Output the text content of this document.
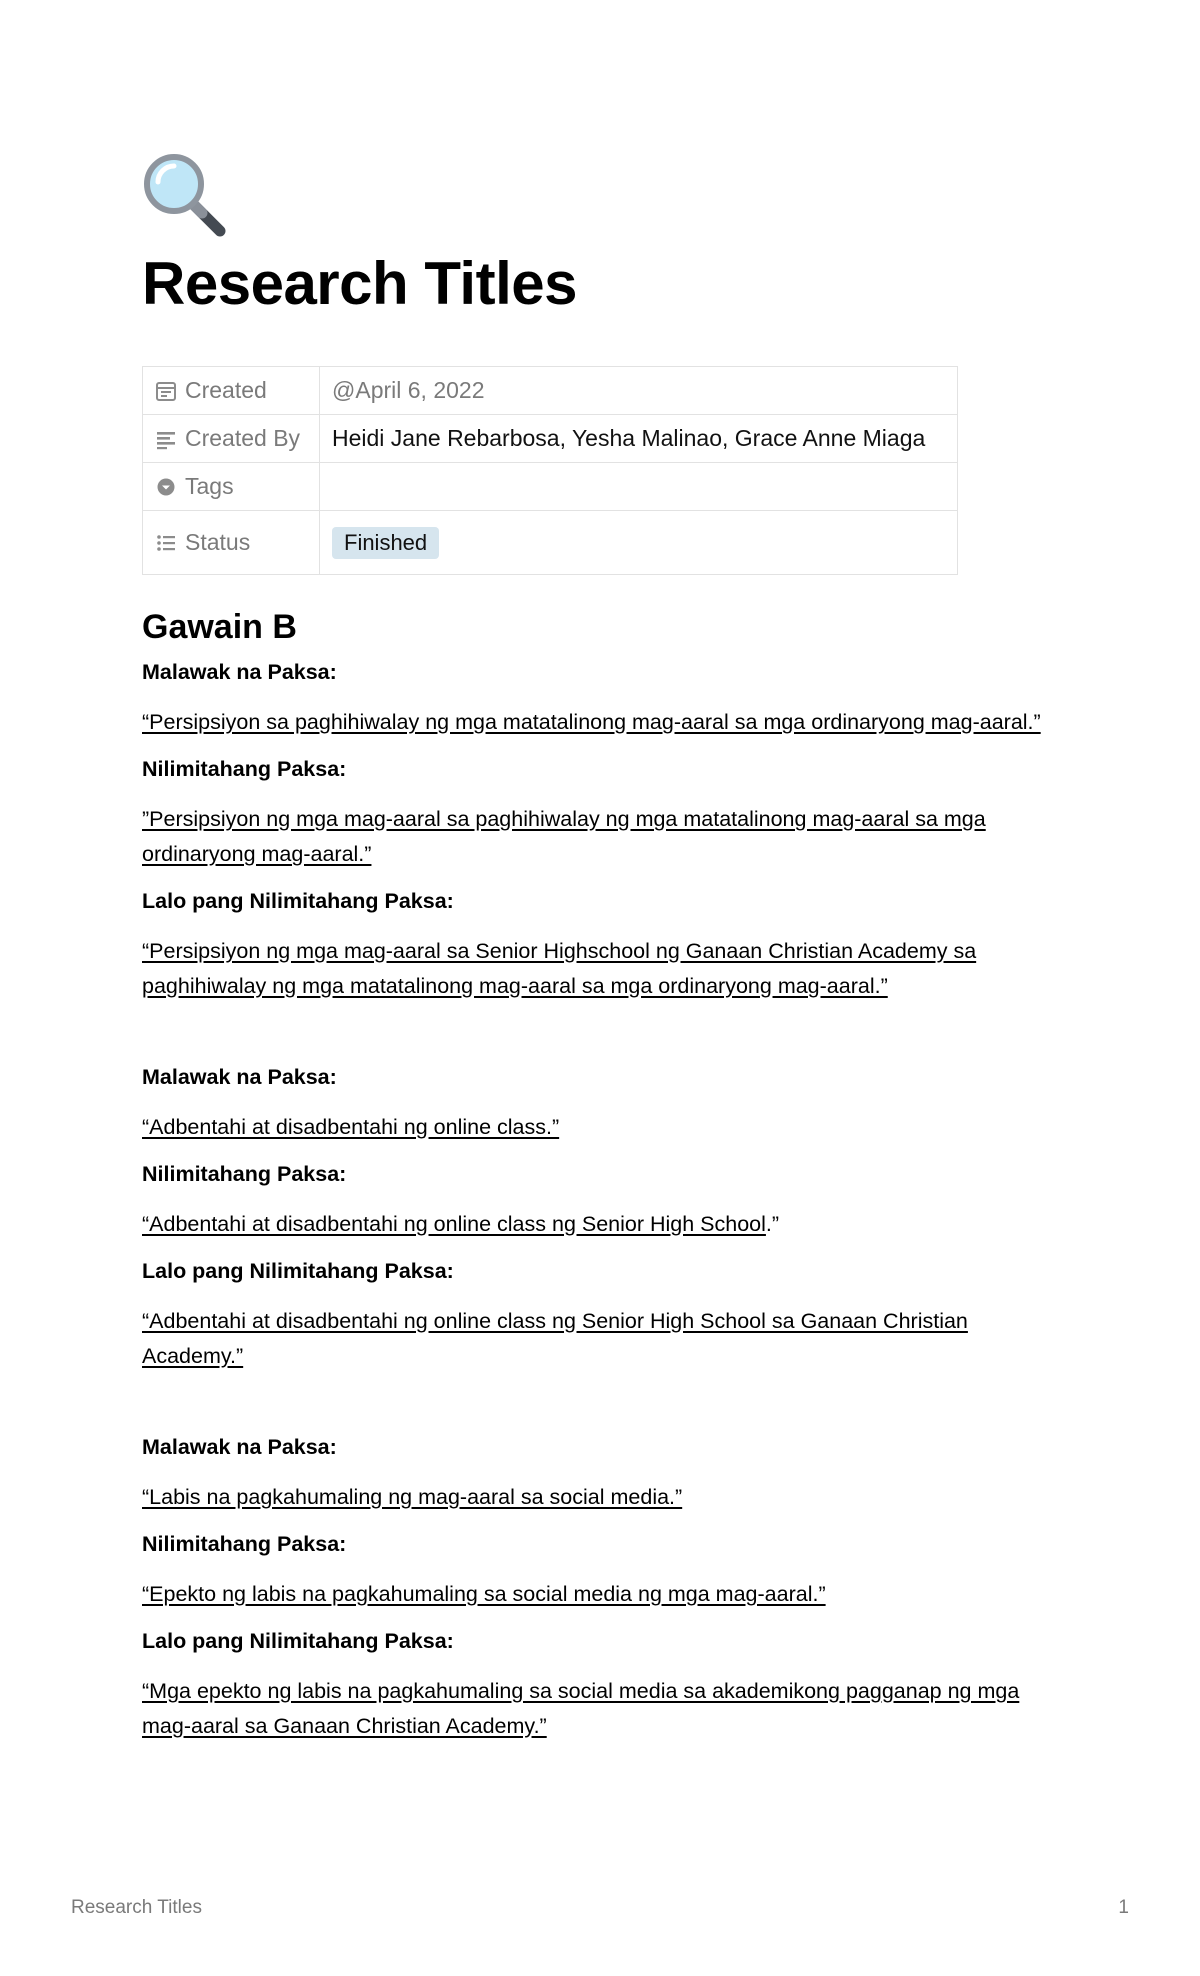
Research Titles
Created	@April 6, 2022
Created By	Heidi Jane Rebarbosa, Yesha Malinao, Grace Anne Miaga
Tags	
Status	Finished
Gawain B

Malawak na Paksa:

“Persipsiyon sa paghihiwalay ng mga matatalinong mag-aaral sa mga ordinaryong mag-aaral.”

Nilimitahang Paksa:

”Persipsiyon ng mga mag-aaral sa paghihiwalay ng mga matatalinong mag-aaral sa mga ordinaryong mag-aaral.”

Lalo pang Nilimitahang Paksa:

“Persipsiyon ng mga mag-aaral sa Senior Highschool ng Ganaan Christian Academy sa paghihiwalay ng mga matatalinong mag-aaral sa mga ordinaryong mag-aaral.”

Malawak na Paksa:

“Adbentahi at disadbentahi ng online class.”

Nilimitahang Paksa:

“Adbentahi at disadbentahi ng online class ng Senior High School.”

Lalo pang Nilimitahang Paksa:

“Adbentahi at disadbentahi ng online class ng Senior High School sa Ganaan Christian Academy.”

Malawak na Paksa:

“Labis na pagkahumaling ng mag-aaral sa social media.”

Nilimitahang Paksa:

“Epekto ng labis na pagkahumaling sa social media ng mga mag-aaral.”

Lalo pang Nilimitahang Paksa:

“Mga epekto ng labis na pagkahumaling sa social media sa akademikong pagganap ng mga mag-aaral sa Ganaan Christian Academy.”

Research Titles	1
